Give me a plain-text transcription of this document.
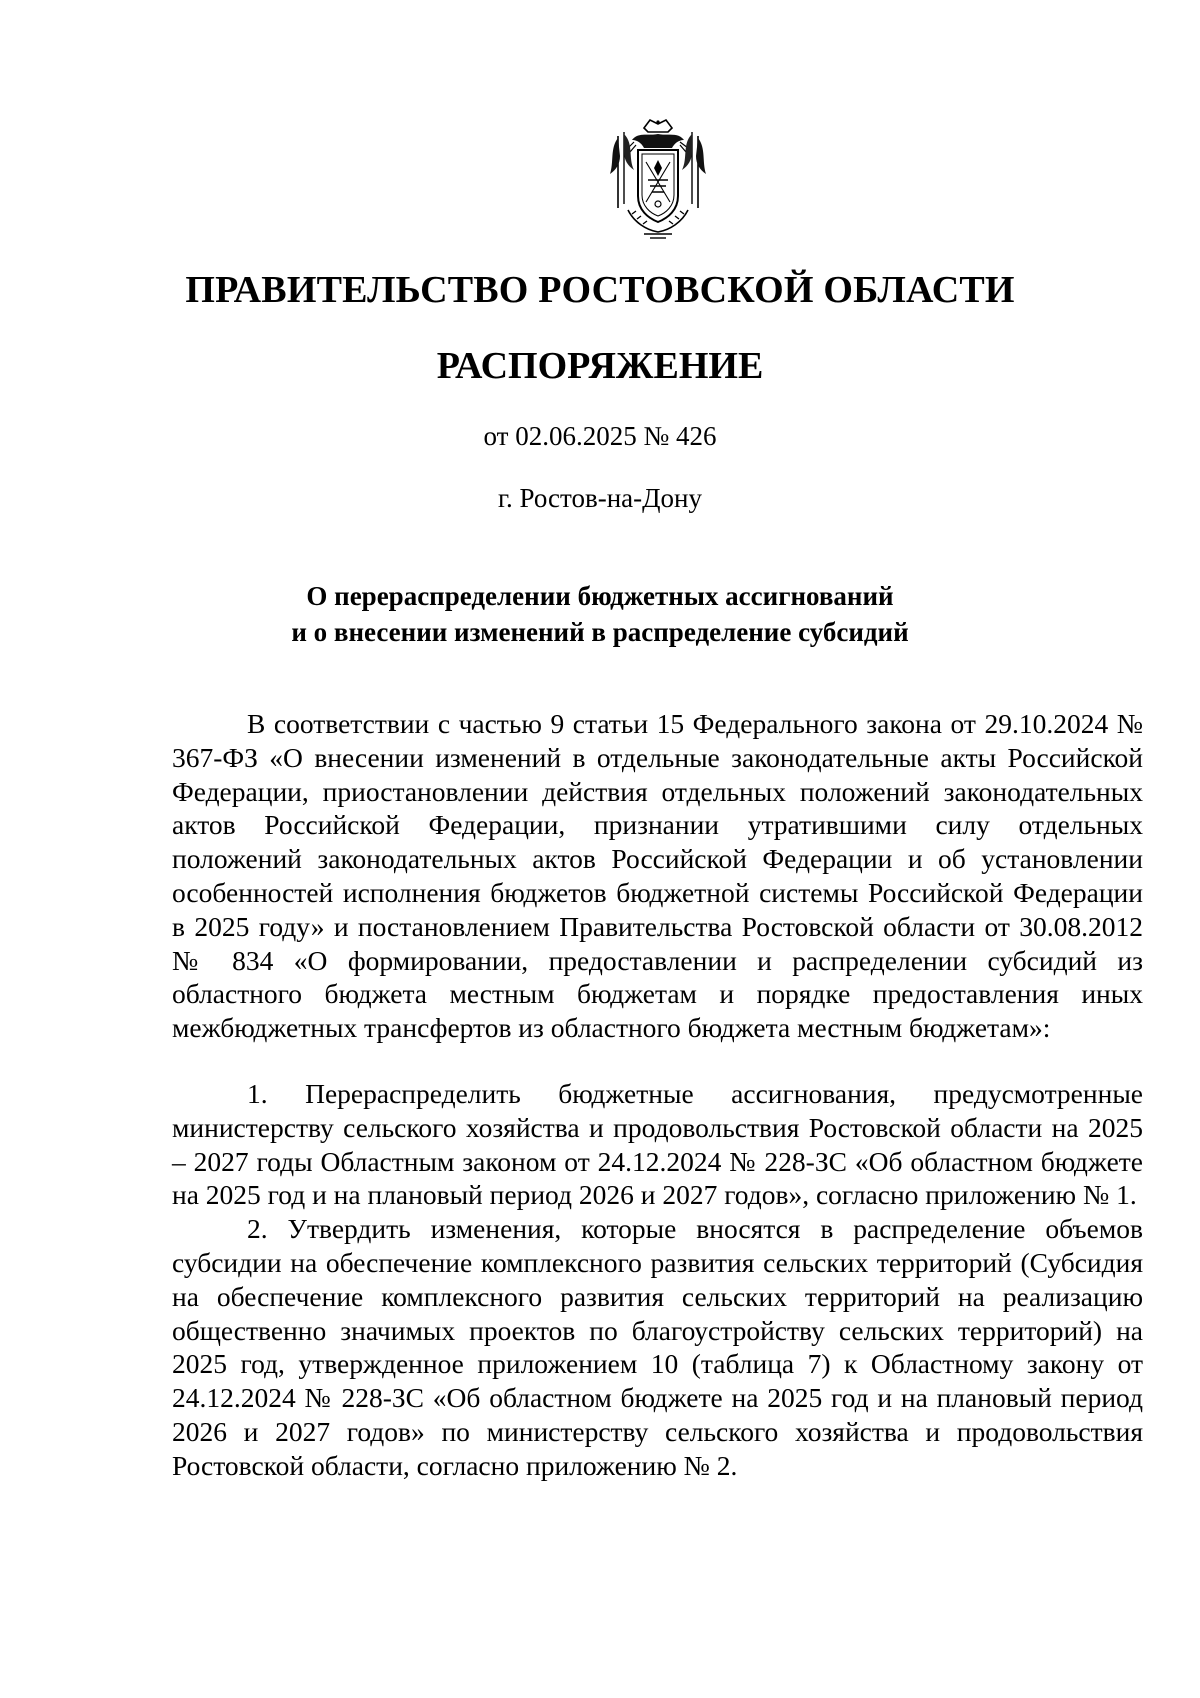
ПРАВИТЕЛЬСТВО РОСТОВСКОЙ ОБЛАСТИ
РАСПОРЯЖЕНИЕ
от 02.06.2025 № 426
г. Ростов-на-Дону
О перераспределении бюджетных ассигнований
и о внесении изменений в распределение субсидий

В соответствии с частью 9 статьи 15 Федерального закона от 29.10.2024 № 367-ФЗ «О внесении изменений в отдельные законодательные акты Российской Федерации, приостановлении действия отдельных положений законодательных актов Российской Федерации, признании утратившими силу отдельных положений законодательных актов Российской Федерации и об установлении особенностей исполнения бюджетов бюджетной системы Российской Федерации в 2025 году» и постановлением Правительства Ростовской области от 30.08.2012 № 834 «О формировании, предоставлении и распределении субсидий из областного бюджета местным бюджетам и порядке предоставления иных межбюджетных трансфертов из областного бюджета местным бюджетам»:

1. Перераспределить бюджетные ассигнования, предусмотренные министерству сельского хозяйства и продовольствия Ростовской области на 2025 – 2027 годы Областным законом от 24.12.2024 № 228-ЗС «Об областном бюджете на 2025 год и на плановый период 2026 и 2027 годов», согласно приложению № 1.

2. Утвердить изменения, которые вносятся в распределение объемов субсидии на обеспечение комплексного развития сельских территорий (Субсидия на обеспечение комплексного развития сельских территорий на реализацию общественно значимых проектов по благоустройству сельских территорий) на 2025 год, утвержденное приложением 10 (таблица 7) к Областному закону от 24.12.2024 № 228-ЗС «Об областном бюджете на 2025 год и на плановый период 2026 и 2027 годов» по министерству сельского хозяйства и продовольствия Ростовской области, согласно приложению № 2.
